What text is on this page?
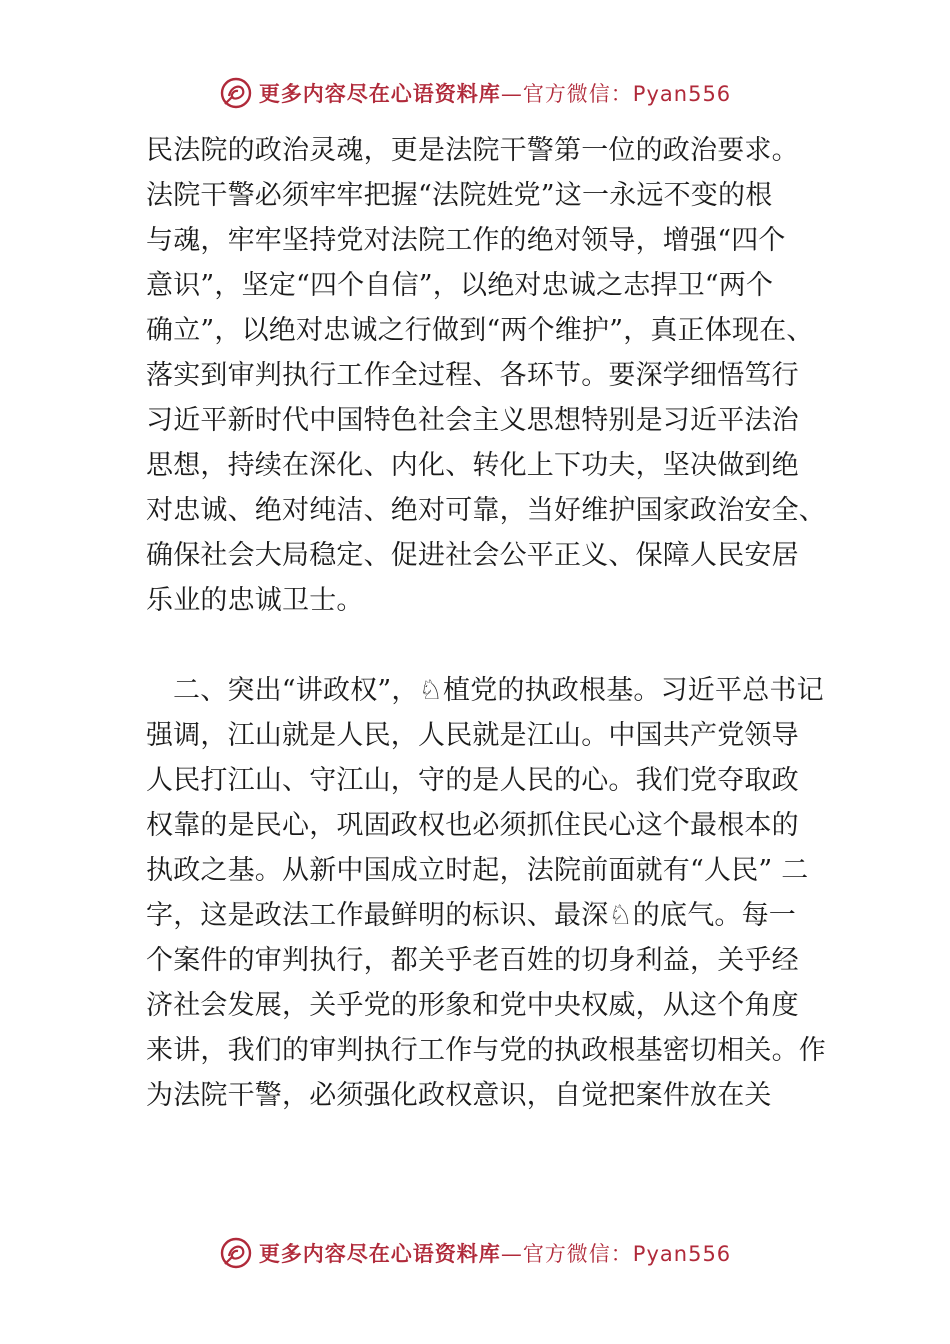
更多内容尽在心语资料库—官方微信：Pyan556
民法院的政治灵魂，更是法院干警第一位的政治要求。
法院干警必须牢牢把握“法院姓党”这一永远不变的根
与魂，牢牢坚持党对法院工作的绝对领导，增强“四个
意识”，坚定“四个自信”，以绝对忠诚之志捍卫“两个
确立”，以绝对忠诚之行做到“两个维护”，真正体现在、
落实到审判执行工作全过程、各环节。要深学细悟笃行
习近平新时代中国特色社会主义思想特别是习近平法治
思想，持续在深化、内化、转化上下功夫，坚决做到绝
对忠诚、绝对纯洁、绝对可靠，当好维护国家政治安全、
确保社会大局稳定、促进社会公平正义、保障人民安居
乐业的忠诚卫士。
二、突出“讲政权”，♘植党的执政根基。习近平总书记
强调，江山就是人民，人民就是江山。中国共产党领导
人民打江山、守江山，守的是人民的心。我们党夺取政
权靠的是民心，巩固政权也必须抓住民心这个最根本的
执政之基。从新中国成立时起，法院前面就有“人民” 二
字，这是政法工作最鲜明的标识、最深♘的底气。每一
个案件的审判执行，都关乎老百姓的切身利益，关乎经
济社会发展，关乎党的形象和党中央权威，从这个角度
来讲，我们的审判执行工作与党的执政根基密切相关。作
为法院干警，必须强化政权意识，自觉把案件放在关
更多内容尽在心语资料库—官方微信：Pyan556
